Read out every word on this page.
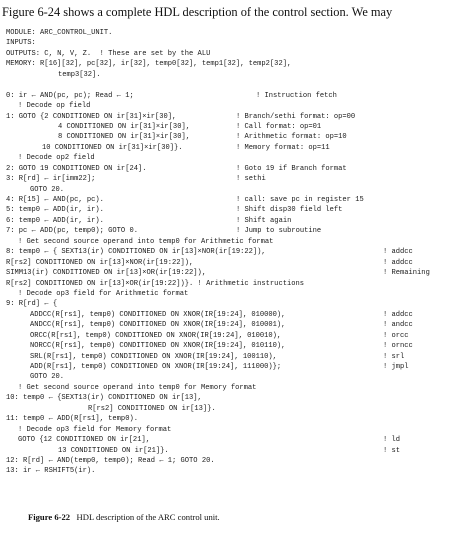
Figure 6-24 shows a complete HDL description of the control section. We may
MODULE: ARC_CONTROL_UNIT.
INPUTS:
OUTPUTS: C, N, V, Z.  ! These are set by the ALU
MEMORY: R[16][32], pc[32], ir[32], temp0[32], temp1[32], temp2[32],
temp3[32].
0: ir ← AND(pc, pc); Read ← 1;	! Instruction fetch
! Decode op field
1: GOTO {2 CONDITIONED ON ir[31]×ir[30],	! Branch/sethi format: op=00
4 CONDITIONED ON ir[31]×ir[30],	! Call format: op=01
8 CONDITIONED ON ir[31]×ir[30],	! Arithmetic format: op=10
10 CONDITIONED ON ir[31]×ir[30]}.	! Memory format: op=11
! Decode op2 field
2: GOTO 19 CONDITIONED ON ir[24].	! Goto 19 if Branch format
3: R[rd] ← ir[imm22];	! sethi
GOTO 20.
4: R[15] ← AND(pc, pc).	! call: save pc in register 15
5: temp0 ← ADD(ir, ir).	! Shift disp30 field left
6: temp0 ← ADD(ir, ir).	! Shift again
7: pc ← ADD(pc, temp0); GOTO 0.	! Jump to subroutine
! Get second source operand into temp0 for Arithmetic format
8: temp0 ← { SEXT13(ir) CONDITIONED ON ir[13]×NOR(ir[19:22]),	! addcc
R[rs2] CONDITIONED ON ir[13]×NOR(ir[19:22]),	! addcc
SIMM13(ir) CONDITIONED ON ir[13]×OR(ir[19:22]),	! Remaining
R[rs2] CONDITIONED ON ir[13]×OR(ir[19:22])}. ! Arithmetic instructions
! Decode op3 field for Arithmetic format
9: R[rd] ← {
ADDCC(R[rs1], temp0) CONDITIONED ON XNOR(IR[19:24], 010000),	! addcc
ANDCC(R[rs1], temp0) CONDITIONED ON XNOR(IR[19:24], 010001),	! andcc
ORCC(R[rs1], temp0) CONDITIONED ON XNOR(IR[19:24], 010010),	! orcc
NORCC(R[rs1], temp0) CONDITIONED ON XNOR(IR[19:24], 010110),	! orncc
SRL(R[rs1], temp0) CONDITIONED ON XNOR(IR[19:24], 100110),	! srl
ADD(R[rs1], temp0) CONDITIONED ON XNOR(IR[19:24], 111000)};	! jmpl
GOTO 20.
! Get second source operand into temp0 for Memory format
10: temp0 ← {SEXT13(ir) CONDITIONED ON ir[13],
R[rs2] CONDITIONED ON ir[13]}.
11: temp0 ← ADD(R[rs1], temp0).
! Decode op3 field for Memory format
GOTO {12 CONDITIONED ON ir[21],	! ld
13 CONDITIONED ON ir[21]}.	! st
12: R[rd] ← AND(temp0, temp0); Read ← 1; GOTO 20.
13: ir ← RSHIFT5(ir).
Figure 6-22 HDL description of the ARC control unit.
